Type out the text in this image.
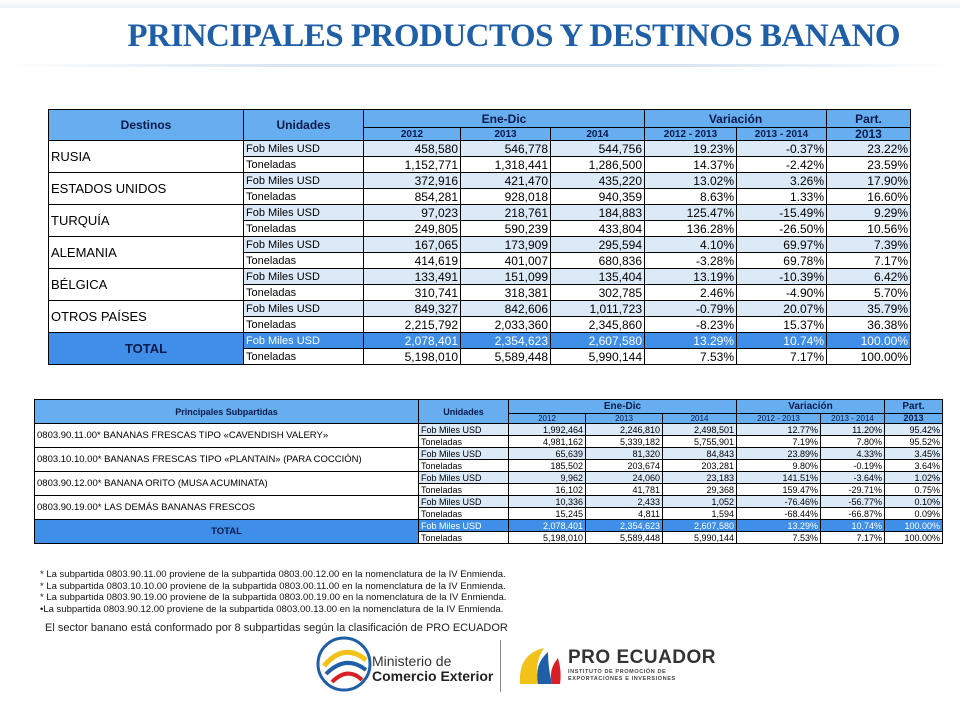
PRINCIPALES PRODUCTOS Y DESTINOS BANANO
Destinos	Unidades	Ene-Dic			Variación		Part.
		2012	2013	2014	2012 - 2013	2013 - 2014	2013
RUSIA	Fob Miles USD	458,580	546,778	544,756	19.23%	-0.37%	23.22%
	Toneladas	1,152,771	1,318,441	1,286,500	14.37%	-2.42%	23.59%
ESTADOS UNIDOS	Fob Miles USD	372,916	421,470	435,220	13.02%	3.26%	17.90%
	Toneladas	854,281	928,018	940,359	8.63%	1.33%	16.60%
TURQUÍA	Fob Miles USD	97,023	218,761	184,883	125.47%	-15.49%	9.29%
	Toneladas	249,805	590,239	433,804	136.28%	-26.50%	10.56%
ALEMANIA	Fob Miles USD	167,065	173,909	295,594	4.10%	69.97%	7.39%
	Toneladas	414,619	401,007	680,836	-3.28%	69.78%	7.17%
BÉLGICA	Fob Miles USD	133,491	151,099	135,404	13.19%	-10.39%	6.42%
	Toneladas	310,741	318,381	302,785	2.46%	-4.90%	5.70%
OTROS PAÍSES	Fob Miles USD	849,327	842,606	1,011,723	-0.79%	20.07%	35.79%
	Toneladas	2,215,792	2,033,360	2,345,860	-8.23%	15.37%	36.38%
TOTAL	Fob Miles USD	2,078,401	2,354,623	2,607,580	13.29%	10.74%	100.00%
	Toneladas	5,198,010	5,589,448	5,990,144	7.53%	7.17%	100.00%
Principales Subpartidas	Unidades	Ene-Dic			Variación		Part.
		2012	2013	2014	2012 - 2013	2013 - 2014	2013
0803.90.11.00* BANANAS FRESCAS TIPO «CAVENDISH VALERY»	Fob Miles USD	1,992,464	2,246,810	2,498,501	12.77%	11.20%	95.42%
	Toneladas	4,981,162	5,339,182	5,755,901	7.19%	7.80%	95.52%
0803.10.10.00* BANANAS FRESCAS TIPO «PLANTAIN» (PARA COCCIÓN)	Fob Miles USD	65,639	81,320	84,843	23.89%	4.33%	3.45%
	Toneladas	185,502	203,674	203,281	9.80%	-0.19%	3.64%
0803.90.12.00* BANANA ORITO (MUSA ACUMINATA)	Fob Miles USD	9,962	24,060	23,183	141.51%	-3.64%	1.02%
	Toneladas	16,102	41,781	29,368	159.47%	-29.71%	0.75%
0803.90.19.00* LAS DEMÁS BANANAS FRESCOS	Fob Miles USD	10,336	2,433	1,052	-76.46%	-56.77%	0.10%
	Toneladas	15,245	4,811	1,594	-68.44%	-66.87%	0.09%
TOTAL	Fob Miles USD	2,078,401	2,354,623	2,607,580	13.29%	10.74%	100.00%
	Toneladas	5,198,010	5,589,448	5,990,144	7.53%	7.17%	100.00%
* La subpartida 0803.90.11.00 proviene de la subpartida 0803.00.12.00 en la nomenclatura de la IV Enmienda.
* La subpartida 0803.10.10.00 proviene de la subpartida 0803.00.11.00 en la nomenclatura de la IV Enmienda.
* La subpartida 0803.90.19.00 proviene de la subpartida 0803.00.19.00 en la nomenclatura de la IV Enmienda.
•La subpartida 0803.90.12.00 proviene de la subpartida 0803.00.13.00 en la nomenclatura de la IV Enmienda.
El sector banano está conformado por 8 subpartidas según la clasificación de PRO ECUADOR
Ministerio de
Comercio Exterior
PRO ECUADOR
INSTITUTO DE PROMOCIÓN DE
EXPORTACIONES E INVERSIONES
